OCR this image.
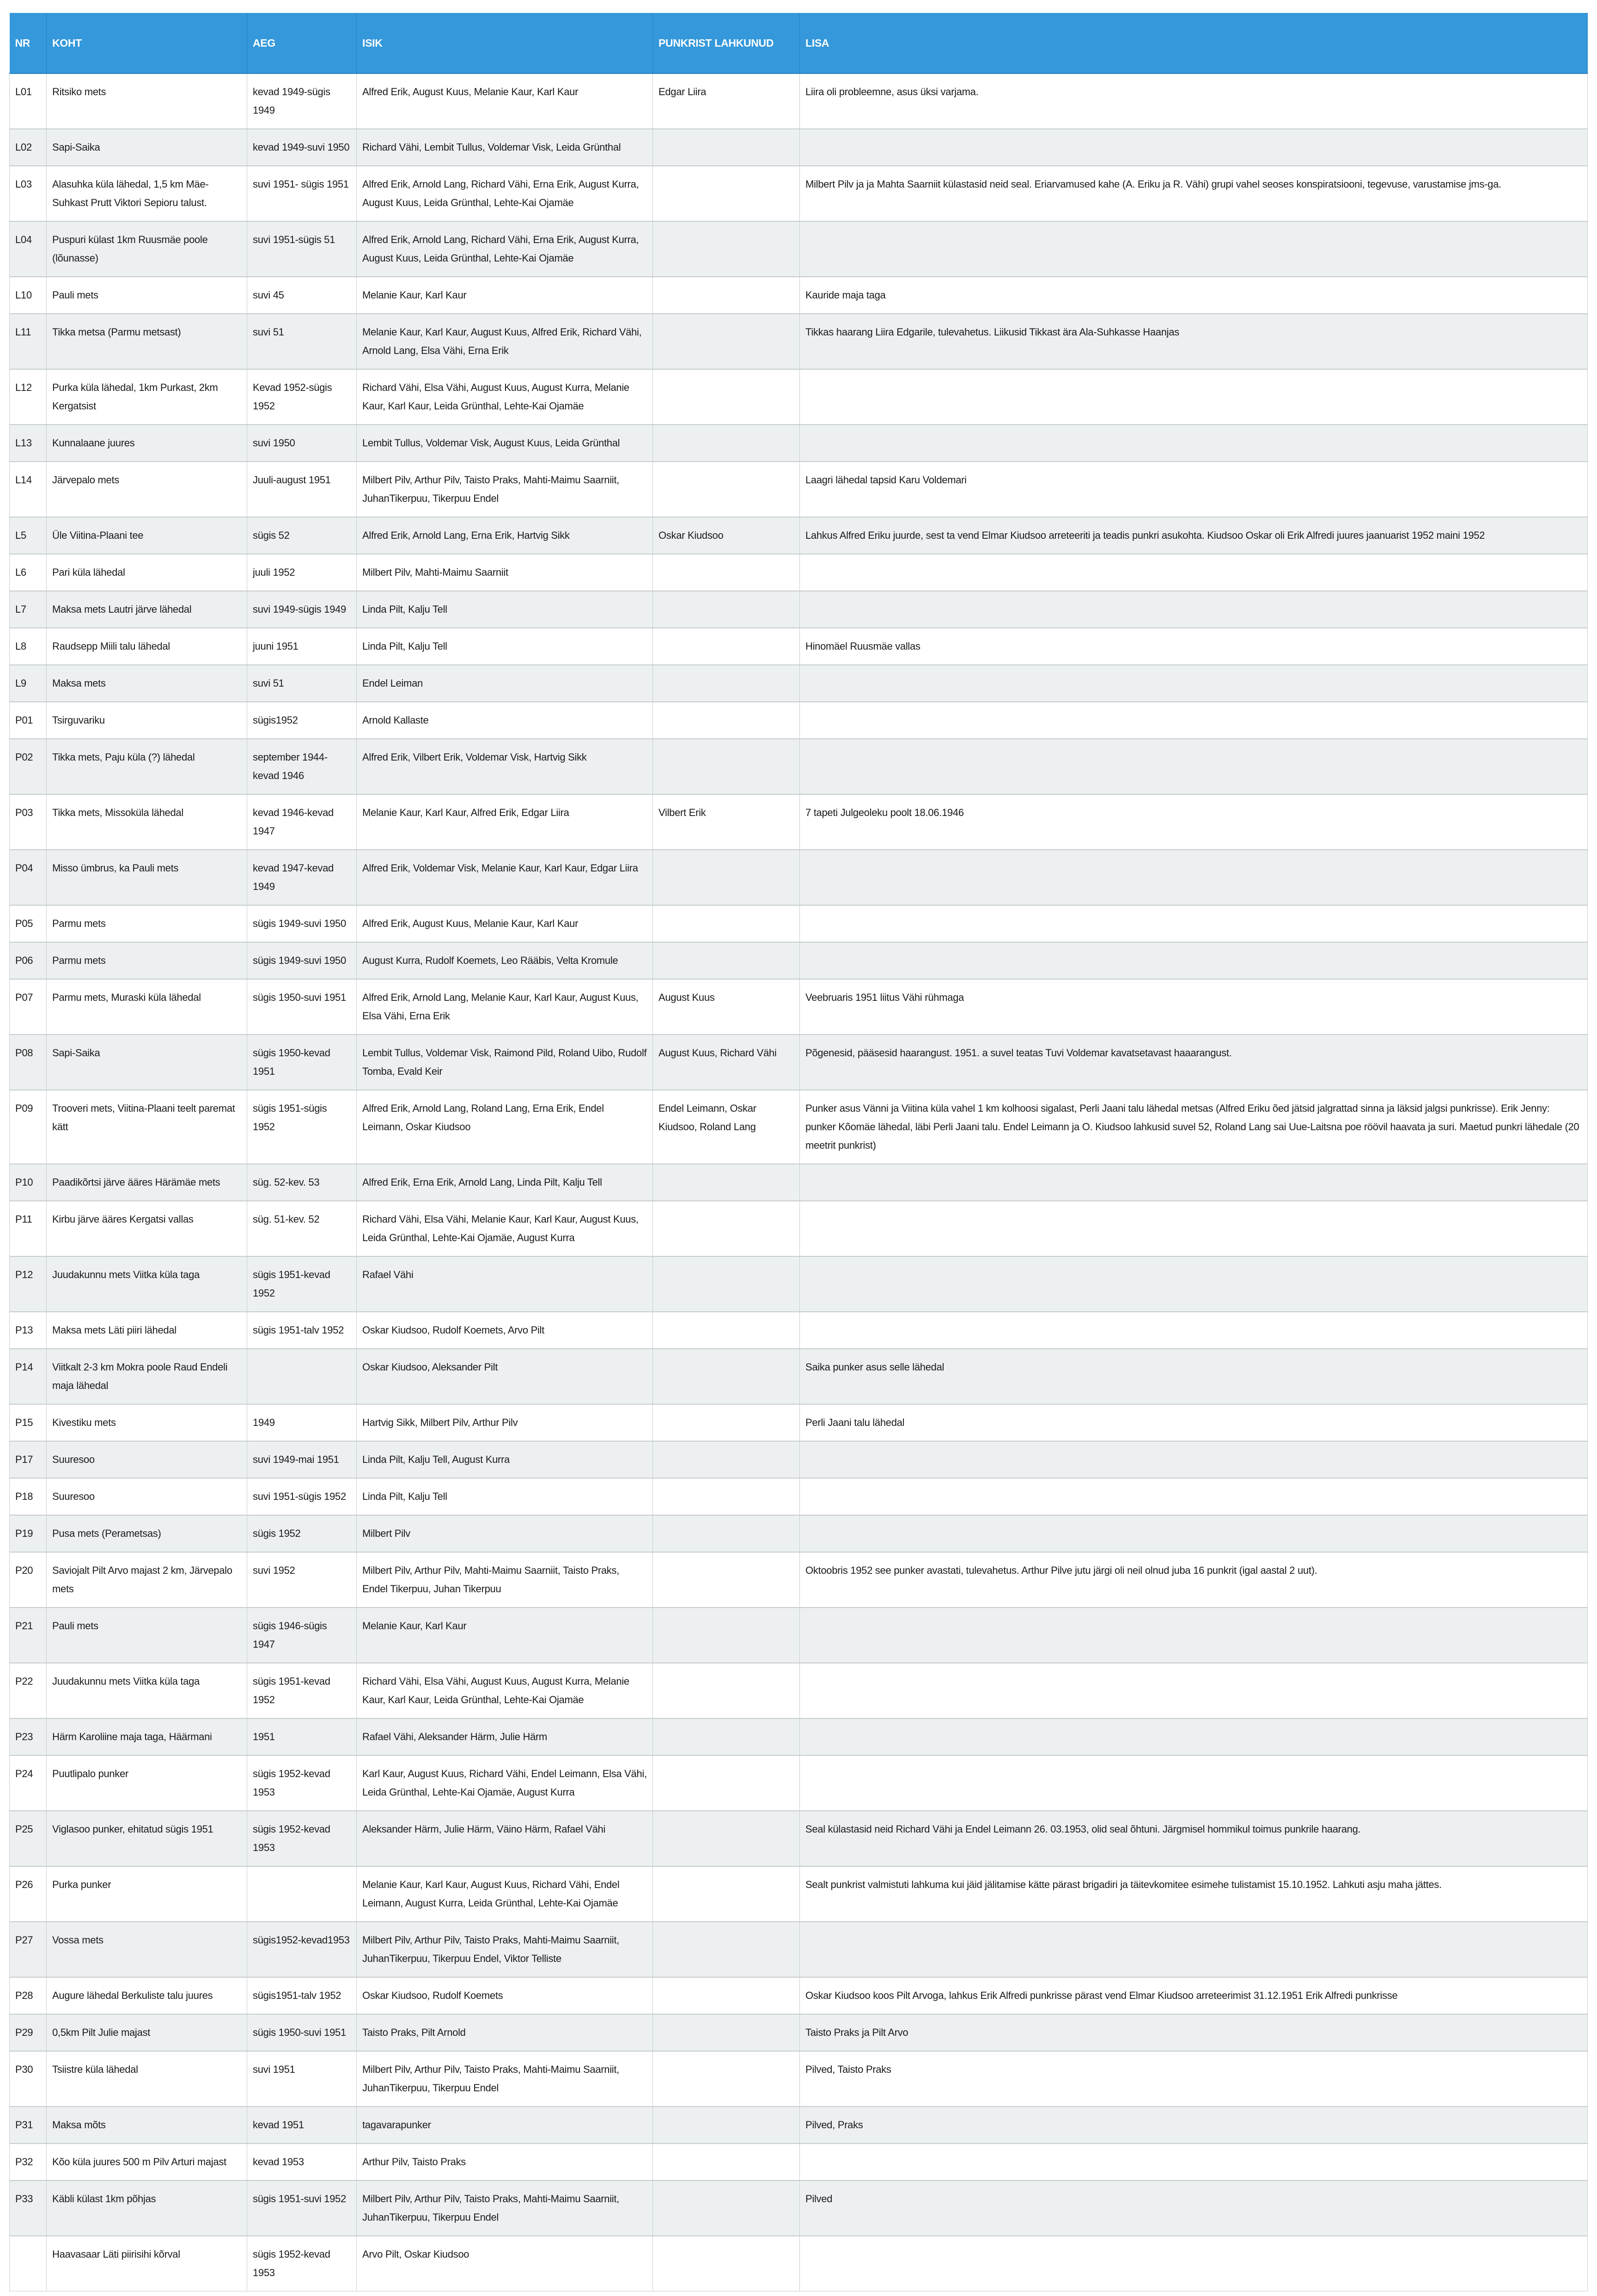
NR	KOHT	AEG	ISIK	PUNKRIST LAHKUNUD	LISA
L01	Ritsiko mets	kevad 1949-sügis 1949	Alfred Erik, August Kuus, Melanie Kaur, Karl Kaur	Edgar Liira	Liira oli probleemne, asus üksi varjama.
L02	Sapi-Saika	kevad 1949-suvi 1950	Richard Vähi, Lembit Tullus, Voldemar Visk, Leida Grünthal		
L03	Alasuhka küla lähedal, 1,5 km Mäe-Suhkast Prutt Viktori Sepioru talust.	suvi 1951- sügis 1951	Alfred Erik, Arnold Lang, Richard Vähi, Erna Erik, August Kurra, August Kuus, Leida Grünthal, Lehte-Kai Ojamäe		Milbert Pilv ja ja Mahta Saarniit külastasid neid seal. Eriarvamused kahe (A. Eriku ja R. Vähi) grupi vahel seoses konspiratsiooni, tegevuse, varustamise jms-ga.
L04	Puspuri külast 1km Ruusmäe poole (lõunasse)	suvi 1951-sügis 51	Alfred Erik, Arnold Lang, Richard Vähi, Erna Erik, August Kurra, August Kuus, Leida Grünthal, Lehte-Kai Ojamäe		
L10	Pauli mets	suvi 45	Melanie Kaur, Karl Kaur		Kauride maja taga
L11	Tikka metsa (Parmu metsast)	suvi 51	Melanie Kaur, Karl Kaur, August Kuus, Alfred Erik, Richard Vähi, Arnold Lang, Elsa Vähi, Erna Erik		Tikkas haarang Liira Edgarile, tulevahetus. Liikusid Tikkast ära Ala-Suhkasse Haanjas
L12	Purka küla lähedal, 1km Purkast, 2km Kergatsist	Kevad 1952-sügis 1952	Richard Vähi, Elsa Vähi, August Kuus, August Kurra, Melanie Kaur, Karl Kaur, Leida Grünthal, Lehte-Kai Ojamäe		
L13	Kunnalaane juures	suvi 1950	Lembit Tullus, Voldemar Visk, August Kuus, Leida Grünthal		
L14	Järvepalo mets	Juuli-august 1951	Milbert Pilv, Arthur Pilv, Taisto Praks, Mahti-Maimu Saarniit, JuhanTikerpuu, Tikerpuu Endel		Laagri lähedal tapsid Karu Voldemari
L5	Üle Viitina-Plaani tee	sügis 52	Alfred Erik, Arnold Lang, Erna Erik, Hartvig Sikk	Oskar Kiudsoo	Lahkus Alfred Eriku juurde, sest ta vend Elmar Kiudsoo arreteeriti ja teadis punkri asukohta. Kiudsoo Oskar oli Erik Alfredi juures jaanuarist 1952 maini 1952
L6	Pari küla lähedal	juuli 1952	Milbert Pilv, Mahti-Maimu Saarniit		
L7	Maksa mets Lautri järve lähedal	suvi 1949-sügis 1949	Linda Pilt, Kalju Tell		
L8	Raudsepp Miili talu lähedal	juuni 1951	Linda Pilt, Kalju Tell		Hinomäel Ruusmäe vallas
L9	Maksa mets	suvi 51	Endel Leiman		
P01	Tsirguvariku	sügis1952	Arnold Kallaste		
P02	Tikka mets, Paju küla (?) lähedal	september 1944-kevad 1946	Alfred Erik, Vilbert Erik, Voldemar Visk, Hartvig Sikk		
P03	Tikka mets, Missoküla lähedal	kevad 1946-kevad 1947	Melanie Kaur, Karl Kaur, Alfred Erik, Edgar Liira	Vilbert Erik	7 tapeti Julgeoleku poolt 18.06.1946
P04	Misso ümbrus, ka Pauli mets	kevad 1947-kevad 1949	Alfred Erik, Voldemar Visk, Melanie Kaur, Karl Kaur, Edgar Liira		
P05	Parmu mets	sügis 1949-suvi 1950	Alfred Erik, August Kuus, Melanie Kaur, Karl Kaur		
P06	Parmu mets	sügis 1949-suvi 1950	August Kurra, Rudolf Koemets, Leo Rääbis, Velta Kromule		
P07	Parmu mets, Muraski küla lähedal	sügis 1950-suvi 1951	Alfred Erik, Arnold Lang, Melanie Kaur, Karl Kaur, August Kuus, Elsa Vähi, Erna Erik	August Kuus	Veebruaris 1951 liitus Vähi rühmaga
P08	Sapi-Saika	sügis 1950-kevad 1951	Lembit Tullus, Voldemar Visk, Raimond Pild, Roland Uibo, Rudolf Tomba, Evald Keir	August Kuus, Richard Vähi	Põgenesid, pääsesid haarangust. 1951. a suvel teatas Tuvi Voldemar kavatsetavast haaarangust.
P09	Trooveri mets, Viitina-Plaani teelt paremat kätt	sügis 1951-sügis 1952	Alfred Erik, Arnold Lang, Roland Lang, Erna Erik, Endel Leimann, Oskar Kiudsoo	Endel Leimann, Oskar Kiudsoo, Roland Lang	Punker asus Vänni ja Viitina küla vahel 1 km kolhoosi sigalast, Perli Jaani talu lähedal metsas (Alfred Eriku õed jätsid jalgrattad sinna ja läksid jalgsi punkrisse). Erik Jenny: punker Kõomäe lähedal, läbi Perli Jaani talu. Endel Leimann ja O. Kiudsoo lahkusid suvel 52, Roland Lang sai Uue-Laitsna poe röövil haavata ja suri. Maetud punkri lähedale (20 meetrit punkrist)
P10	Paadikõrtsi järve ääres Härämäe mets	süg. 52-kev. 53	Alfred Erik, Erna Erik, Arnold Lang, Linda Pilt, Kalju Tell		
P11	Kirbu järve ääres Kergatsi vallas	süg. 51-kev. 52	Richard Vähi, Elsa Vähi, Melanie Kaur, Karl Kaur, August Kuus, Leida Grünthal, Lehte-Kai Ojamäe, August Kurra		
P12	Juudakunnu mets Viitka küla taga	sügis 1951-kevad 1952	Rafael Vähi		
P13	Maksa mets Läti piiri lähedal	sügis 1951-talv 1952	Oskar Kiudsoo, Rudolf Koemets, Arvo Pilt		
P14	Viitkalt 2-3 km Mokra poole Raud Endeli maja lähedal		Oskar Kiudsoo, Aleksander Pilt		Saika punker asus selle lähedal
P15	Kivestiku mets	1949	Hartvig Sikk, Milbert Pilv, Arthur Pilv		Perli Jaani talu lähedal
P17	Suuresoo	suvi 1949-mai 1951	Linda Pilt, Kalju Tell, August Kurra		
P18	Suuresoo	suvi 1951-sügis 1952	Linda Pilt, Kalju Tell		
P19	Pusa mets (Perametsas)	sügis 1952	Milbert Pilv		
P20	Saviojalt Pilt Arvo majast 2 km, Järvepalo mets	suvi 1952	Milbert Pilv, Arthur Pilv, Mahti-Maimu Saarniit, Taisto Praks, Endel Tikerpuu, Juhan Tikerpuu		Oktoobris 1952 see punker avastati, tulevahetus. Arthur Pilve jutu järgi oli neil olnud juba 16 punkrit (igal aastal 2 uut).
P21	Pauli mets	sügis 1946-sügis 1947	Melanie Kaur, Karl Kaur		
P22	Juudakunnu mets Viitka küla taga	sügis 1951-kevad 1952	Richard Vähi, Elsa Vähi, August Kuus, August Kurra, Melanie Kaur, Karl Kaur, Leida Grünthal, Lehte-Kai Ojamäe		
P23	Härm Karoliine maja taga, Häärmani	1951	Rafael Vähi, Aleksander Härm, Julie Härm		
P24	Puutlipalo punker	sügis 1952-kevad 1953	Karl Kaur, August Kuus, Richard Vähi, Endel Leimann, Elsa Vähi, Leida Grünthal, Lehte-Kai Ojamäe, August Kurra		
P25	Viglasoo punker, ehitatud sügis 1951	sügis 1952-kevad 1953	Aleksander Härm, Julie Härm, Väino Härm, Rafael Vähi		Seal külastasid neid Richard Vähi ja Endel Leimann 26. 03.1953, olid seal õhtuni. Järgmisel hommikul toimus punkrile haarang.
P26	Purka punker		Melanie Kaur, Karl Kaur, August Kuus, Richard Vähi, Endel Leimann, August Kurra, Leida Grünthal, Lehte-Kai Ojamäe		Sealt punkrist valmistuti lahkuma kui jäid jälitamise kätte pärast brigadiri ja täitevkomitee esimehe tulistamist 15.10.1952. Lahkuti asju maha jättes.
P27	Vossa mets	sügis1952-kevad1953	Milbert Pilv, Arthur Pilv, Taisto Praks, Mahti-Maimu Saarniit, JuhanTikerpuu, Tikerpuu Endel, Viktor Telliste		
P28	Augure lähedal Berkuliste talu juures	sügis1951-talv 1952	Oskar Kiudsoo, Rudolf Koemets		Oskar Kiudsoo koos Pilt Arvoga, lahkus Erik Alfredi punkrisse pärast vend Elmar Kiudsoo arreteerimist 31.12.1951 Erik Alfredi punkrisse
P29	0,5km Pilt Julie majast	sügis 1950-suvi 1951	Taisto Praks, Pilt Arnold		Taisto Praks ja Pilt Arvo
P30	Tsiistre küla lähedal	suvi 1951	Milbert Pilv, Arthur Pilv, Taisto Praks, Mahti-Maimu Saarniit, JuhanTikerpuu, Tikerpuu Endel		Pilved, Taisto Praks
P31	Maksa mõts	kevad 1951	tagavarapunker		Pilved, Praks
P32	Kõo küla juures 500 m Pilv Arturi majast	kevad 1953	Arthur Pilv, Taisto Praks		
P33	Käbli külast 1km põhjas	sügis 1951-suvi 1952	Milbert Pilv, Arthur Pilv, Taisto Praks, Mahti-Maimu Saarniit, JuhanTikerpuu, Tikerpuu Endel		Pilved
	Haavasaar Läti piirisihi kõrval	sügis 1952-kevad 1953	Arvo Pilt, Oskar Kiudsoo		
